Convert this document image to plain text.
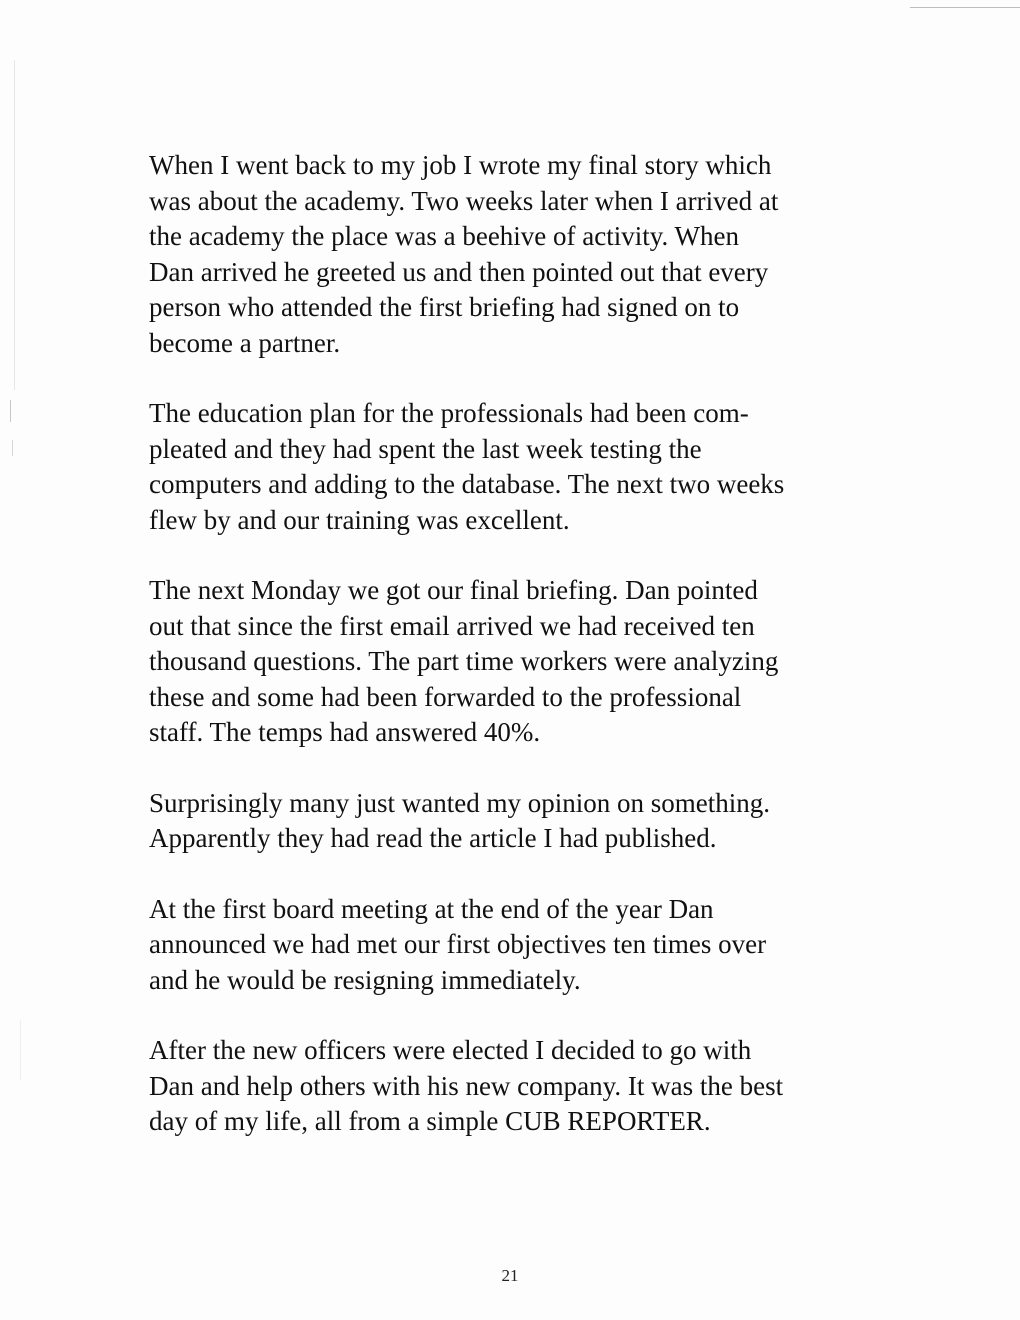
When I went back to my job I wrote my final story which
was about the academy. Two weeks later when I arrived at
the academy the place was a beehive of activity. When
Dan arrived he greeted us and then pointed out that every
person who attended the first briefing had signed on to
become a partner.

The education plan for the professionals had been com-
pleated and they had spent the last week testing the
computers and adding to the database. The next two weeks
flew by and our training was excellent.

The next Monday we got our final briefing. Dan pointed
out that since the first email arrived we had received ten
thousand questions. The part time workers were analyzing
these and some had been forwarded to the professional
staff. The temps had answered 40%.

Surprisingly many just wanted my opinion on something.
Apparently they had read the article I had published.

At the first board meeting at the end of the year Dan
announced we had met our first objectives ten times over
and he would be resigning immediately.

After the new officers were elected I decided to go with
Dan and help others with his new company. It was the best
day of my life, all from a simple CUB REPORTER.

21
